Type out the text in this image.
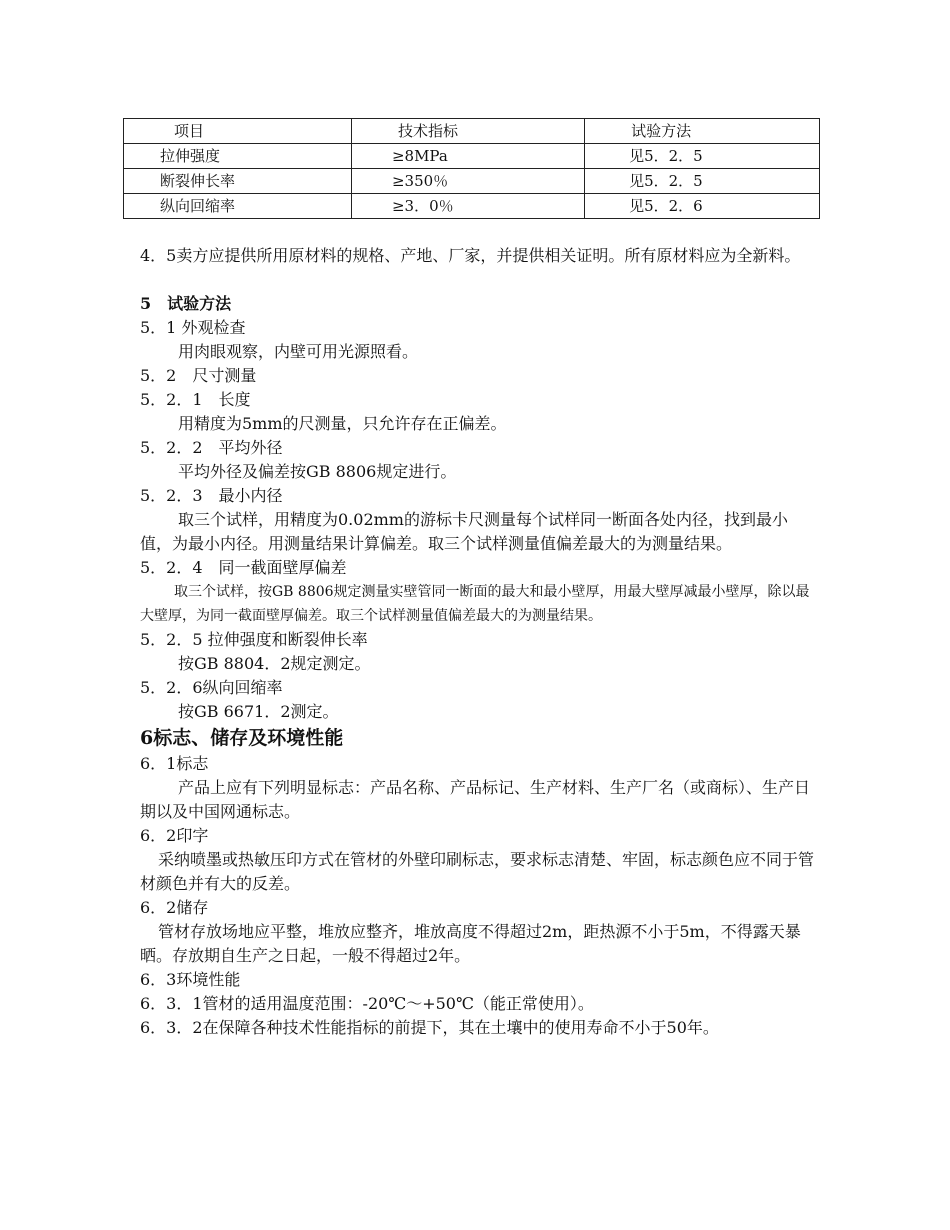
项目	技术指标	试验方法
拉伸强度	≥8MPa	见5．2．5
断裂伸长率	≥350％	见5．2．5
纵向回缩率	≥3．0％	见5．2．6

4．5卖方应提供所用原材料的规格、产地、厂家，并提供相关证明。所有原材料应为全新料。

5　试验方法

5．1 外观检查

用肉眼观察，内壁可用光源照看。

5．2　尺寸测量

5．2．1　长度

用精度为5mm的尺测量，只允许存在正偏差。

5．2．2　平均外径

平均外径及偏差按GB 8806规定进行。

5．2．3　最小内径

取三个试样，用精度为0.02mm的游标卡尺测量每个试样同一断面各处内径，找到最小值，为最小内径。用测量结果计算偏差。取三个试样测量值偏差最大的为测量结果。

5．2．4　同一截面壁厚偏差

取三个试样，按GB 8806规定测量实壁管同一断面的最大和最小壁厚，用最大壁厚减最小壁厚，除以最大壁厚，为同一截面壁厚偏差。取三个试样测量值偏差最大的为测量结果。

5．2．5 拉伸强度和断裂伸长率

按GB 8804．2规定测定。

5．2．6纵向回缩率

按GB 6671．2测定。

6标志、储存及环境性能

6．1标志

产品上应有下列明显标志：产品名称、产品标记、生产材料、生产厂名（或商标）、生产日期以及中国网通标志。

6．2印字

采纳喷墨或热敏压印方式在管材的外壁印刷标志，要求标志清楚、牢固，标志颜色应不同于管材颜色并有大的反差。

6．2储存

管材存放场地应平整，堆放应整齐，堆放高度不得超过2m，距热源不小于5m，不得露天暴晒。存放期自生产之日起，一般不得超过2年。

6．3环境性能

6．3．1管材的适用温度范围：-20℃～+50℃（能正常使用）。

6．3．2在保障各种技术性能指标的前提下，其在土壤中的使用寿命不小于50年。
